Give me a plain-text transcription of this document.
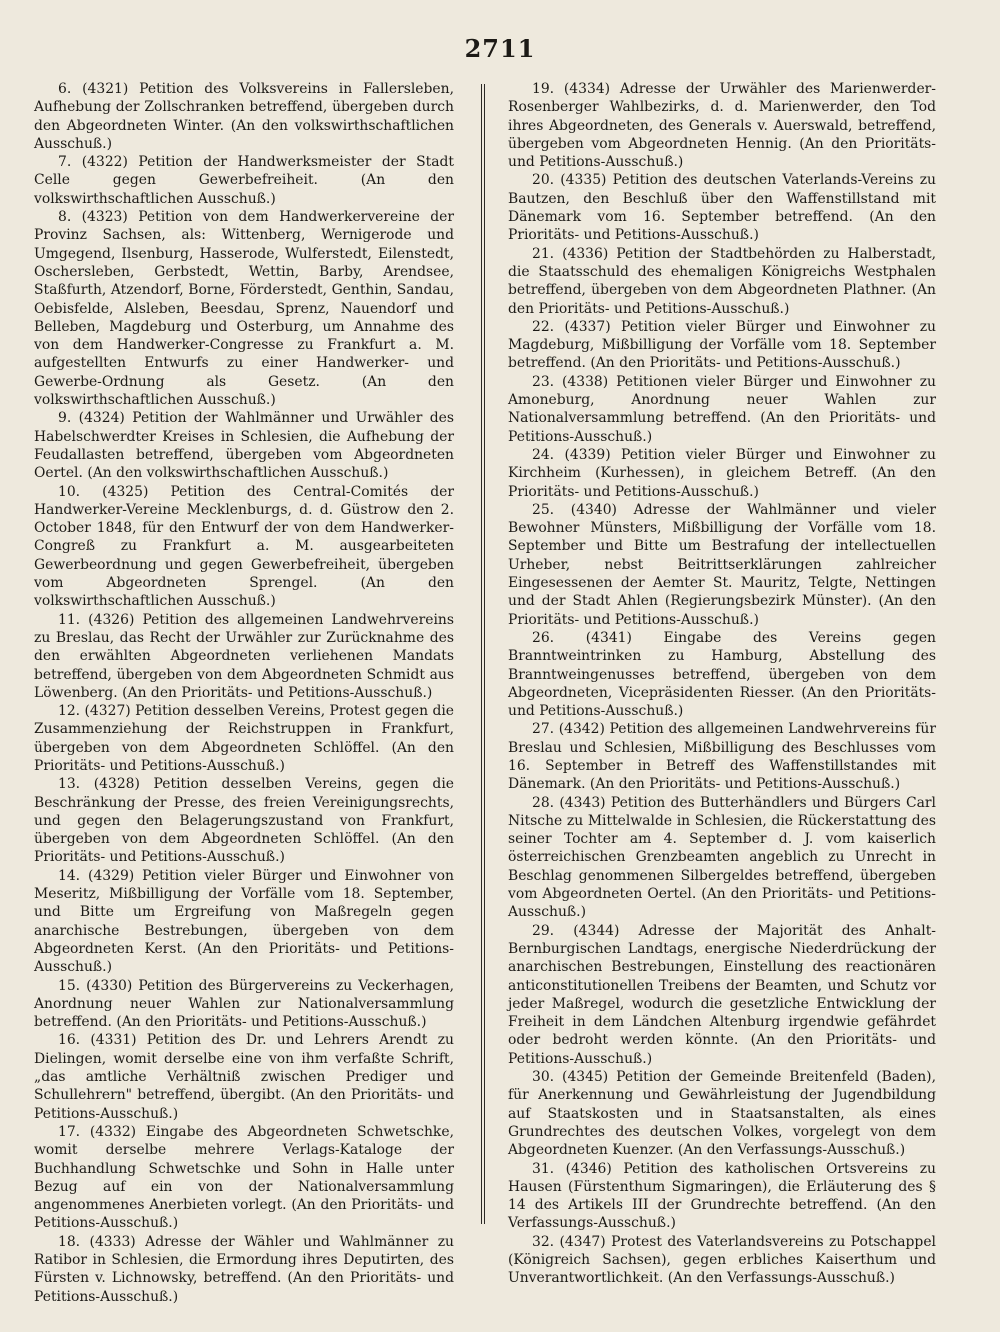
2711

6. (4321) Petition des Volksvereins in Fallersleben, Aufhebung der Zollschranken betreffend, übergeben durch den Abgeordneten Winter. (An den volkswirthschaftlichen Ausschuß.)

7. (4322) Petition der Handwerksmeister der Stadt Celle gegen Gewerbefreiheit. (An den volkswirthschaftlichen Ausschuß.)

8. (4323) Petition von dem Handwerkervereine der Provinz Sachsen, als: Wittenberg, Wernigerode und Umgegend, Ilsenburg, Hasserode, Wulferstedt, Eilenstedt, Oschersleben, Gerbstedt, Wettin, Barby, Arendsee, Staßfurth, Atzendorf, Borne, Förderstedt, Genthin, Sandau, Oebisfelde, Alsleben, Beesdau, Sprenz, Nauendorf und Belleben, Magdeburg und Osterburg, um Annahme des von dem Handwerker-Congresse zu Frankfurt a. M. aufgestellten Entwurfs zu einer Handwerker- und Gewerbe-Ordnung als Gesetz. (An den volkswirthschaftlichen Ausschuß.)

9. (4324) Petition der Wahlmänner und Urwähler des Habelschwerdter Kreises in Schlesien, die Aufhebung der Feudallasten betreffend, übergeben vom Abgeordneten Oertel. (An den volkswirthschaftlichen Ausschuß.)

10. (4325) Petition des Central-Comités der Handwerker-Vereine Mecklenburgs, d. d. Güstrow den 2. October 1848, für den Entwurf der von dem Handwerker-Congreß zu Frankfurt a. M. ausgearbeiteten Gewerbeordnung und gegen Gewerbefreiheit, übergeben vom Abgeordneten Sprengel. (An den volkswirthschaftlichen Ausschuß.)

11. (4326) Petition des allgemeinen Landwehrvereins zu Breslau, das Recht der Urwähler zur Zurücknahme des den erwählten Abgeordneten verliehenen Mandats betreffend, übergeben von dem Abgeordneten Schmidt aus Löwenberg. (An den Prioritäts- und Petitions-Ausschuß.)

12. (4327) Petition desselben Vereins, Protest gegen die Zusammenziehung der Reichstruppen in Frankfurt, übergeben von dem Abgeordneten Schlöffel. (An den Prioritäts- und Petitions-Ausschuß.)

13. (4328) Petition desselben Vereins, gegen die Beschränkung der Presse, des freien Vereinigungsrechts, und gegen den Belagerungszustand von Frankfurt, übergeben von dem Abgeordneten Schlöffel. (An den Prioritäts- und Petitions-Ausschuß.)

14. (4329) Petition vieler Bürger und Einwohner von Meseritz, Mißbilligung der Vorfälle vom 18. September, und Bitte um Ergreifung von Maßregeln gegen anarchische Bestrebungen, übergeben von dem Abgeordneten Kerst. (An den Prioritäts- und Petitions-Ausschuß.)

15. (4330) Petition des Bürgervereins zu Veckerhagen, Anordnung neuer Wahlen zur Nationalversammlung betreffend. (An den Prioritäts- und Petitions-Ausschuß.)

16. (4331) Petition des Dr. und Lehrers Arendt zu Dielingen, womit derselbe eine von ihm verfaßte Schrift, „das amtliche Verhältniß zwischen Prediger und Schullehrern" betreffend, übergibt. (An den Prioritäts- und Petitions-Ausschuß.)

17. (4332) Eingabe des Abgeordneten Schwetschke, womit derselbe mehrere Verlags-Kataloge der Buchhandlung Schwetschke und Sohn in Halle unter Bezug auf ein von der Nationalversammlung angenommenes Anerbieten vorlegt. (An den Prioritäts- und Petitions-Ausschuß.)

18. (4333) Adresse der Wähler und Wahlmänner zu Ratibor in Schlesien, die Ermordung ihres Deputirten, des Fürsten v. Lichnowsky, betreffend. (An den Prioritäts- und Petitions-Ausschuß.)

19. (4334) Adresse der Urwähler des Marienwerder-Rosenberger Wahlbezirks, d. d. Marienwerder, den Tod ihres Abgeordneten, des Generals v. Auerswald, betreffend, übergeben vom Abgeordneten Hennig. (An den Prioritäts- und Petitions-Ausschuß.)

20. (4335) Petition des deutschen Vaterlands-Vereins zu Bautzen, den Beschluß über den Waffenstillstand mit Dänemark vom 16. September betreffend. (An den Prioritäts- und Petitions-Ausschuß.)

21. (4336) Petition der Stadtbehörden zu Halberstadt, die Staatsschuld des ehemaligen Königreichs Westphalen betreffend, übergeben von dem Abgeordneten Plathner. (An den Prioritäts- und Petitions-Ausschuß.)

22. (4337) Petition vieler Bürger und Einwohner zu Magdeburg, Mißbilligung der Vorfälle vom 18. September betreffend. (An den Prioritäts- und Petitions-Ausschuß.)

23. (4338) Petitionen vieler Bürger und Einwohner zu Amoneburg, Anordnung neuer Wahlen zur Nationalversammlung betreffend. (An den Prioritäts- und Petitions-Ausschuß.)

24. (4339) Petition vieler Bürger und Einwohner zu Kirchheim (Kurhessen), in gleichem Betreff. (An den Prioritäts- und Petitions-Ausschuß.)

25. (4340) Adresse der Wahlmänner und vieler Bewohner Münsters, Mißbilligung der Vorfälle vom 18. September und Bitte um Bestrafung der intellectuellen Urheber, nebst Beitrittserklärungen zahlreicher Eingesessenen der Aemter St. Mauritz, Telgte, Nettingen und der Stadt Ahlen (Regierungsbezirk Münster). (An den Prioritäts- und Petitions-Ausschuß.)

26. (4341) Eingabe des Vereins gegen Branntweintrinken zu Hamburg, Abstellung des Branntweingenusses betreffend, übergeben von dem Abgeordneten, Vicepräsidenten Riesser. (An den Prioritäts- und Petitions-Ausschuß.)

27. (4342) Petition des allgemeinen Landwehrvereins für Breslau und Schlesien, Mißbilligung des Beschlusses vom 16. September in Betreff des Waffenstillstandes mit Dänemark. (An den Prioritäts- und Petitions-Ausschuß.)

28. (4343) Petition des Butterhändlers und Bürgers Carl Nitsche zu Mittelwalde in Schlesien, die Rückerstattung des seiner Tochter am 4. September d. J. vom kaiserlich österreichischen Grenzbeamten angeblich zu Unrecht in Beschlag genommenen Silbergeldes betreffend, übergeben vom Abgeordneten Oertel. (An den Prioritäts- und Petitions-Ausschuß.)

29. (4344) Adresse der Majorität des Anhalt-Bernburgischen Landtags, energische Niederdrückung der anarchischen Bestrebungen, Einstellung des reactionären anticonstitutionellen Treibens der Beamten, und Schutz vor jeder Maßregel, wodurch die gesetzliche Entwicklung der Freiheit in dem Ländchen Altenburg irgendwie gefährdet oder bedroht werden könnte. (An den Prioritäts- und Petitions-Ausschuß.)

30. (4345) Petition der Gemeinde Breitenfeld (Baden), für Anerkennung und Gewährleistung der Jugendbildung auf Staatskosten und in Staatsanstalten, als eines Grundrechtes des deutschen Volkes, vorgelegt von dem Abgeordneten Kuenzer. (An den Verfassungs-Ausschuß.)

31. (4346) Petition des katholischen Ortsvereins zu Hausen (Fürstenthum Sigmaringen), die Erläuterung des § 14 des Artikels III der Grundrechte betreffend. (An den Verfassungs-Ausschuß.)

32. (4347) Protest des Vaterlandsvereins zu Potschappel (Königreich Sachsen), gegen erbliches Kaiserthum und Unverantwortlichkeit. (An den Verfassungs-Ausschuß.)
